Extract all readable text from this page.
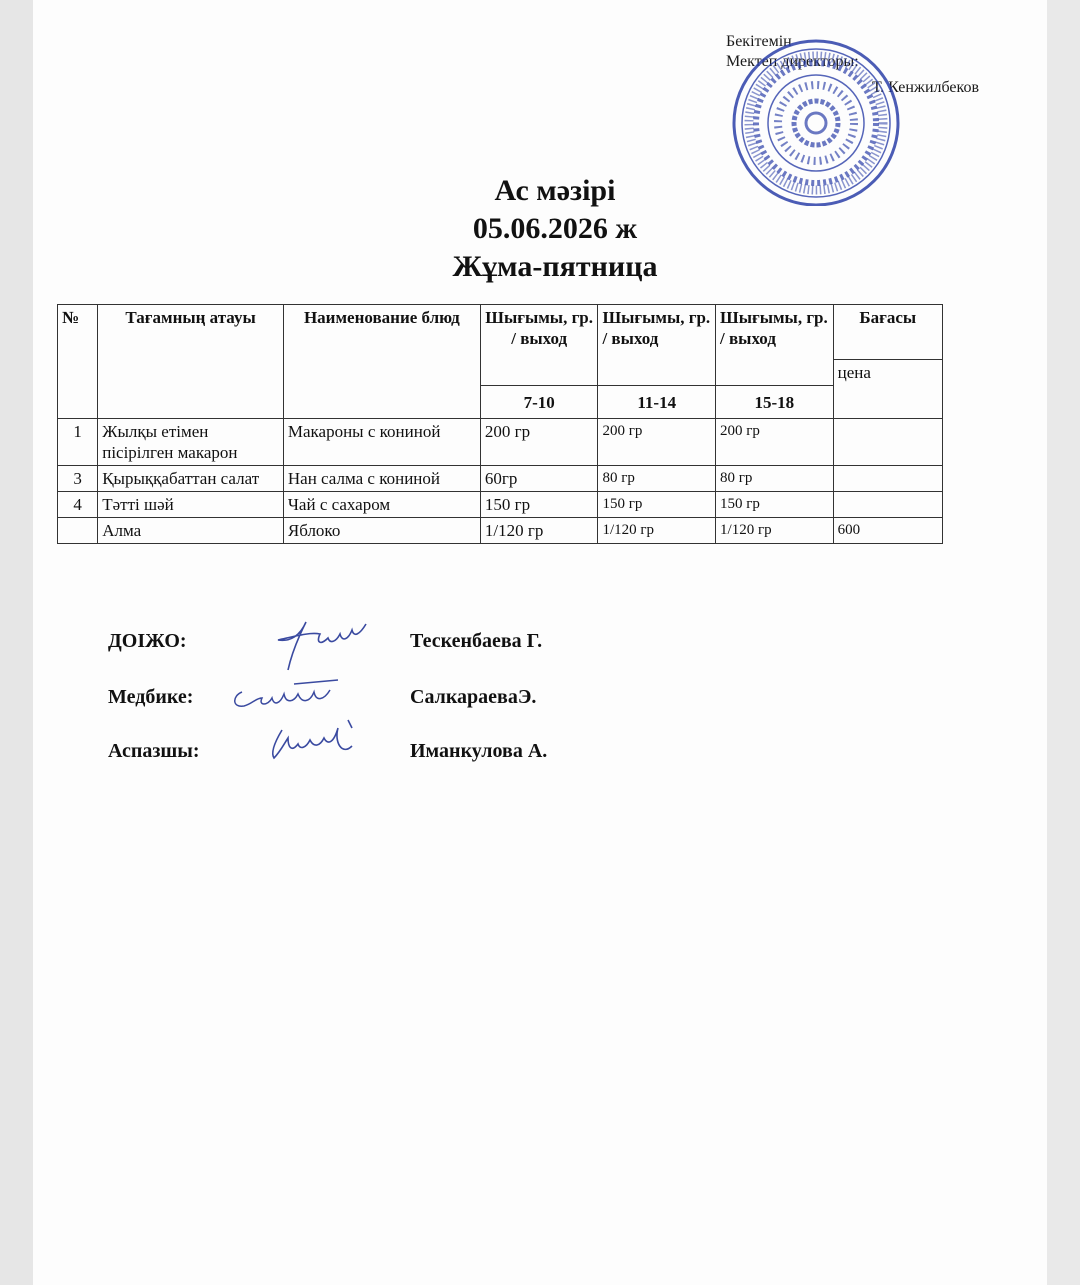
Бекітемін
Мектеп директоры:
Т. Кенжилбеков
Ас мәзірі
05.06.2026 ж
Жұма-пятница
№	Тағамның атауы	Наименование блюд	Шығымы, гр. / выход	Шығымы, гр. / выход	Шығымы, гр. / выход	Бағасы
						цена
			7-10	11-14	15-18	
1	Жылқы етімен пісірілген макарон	Макароны с кониной	200 гр	200 гр	200 гр	
3	Қырыққабаттан салат	Нан салма с кониной	60гр	80 гр	80 гр	
4	Тәтті шәй	Чай с сахаром	150 гр	150 гр	150 гр	
	Алма	Яблоко	1/120 гр	1/120 гр	1/120 гр	600
ДОІЖО:	Тескенбаева Г.
Медбике:	СалкараеваЭ.
Аспазшы:	Иманкулова А.
